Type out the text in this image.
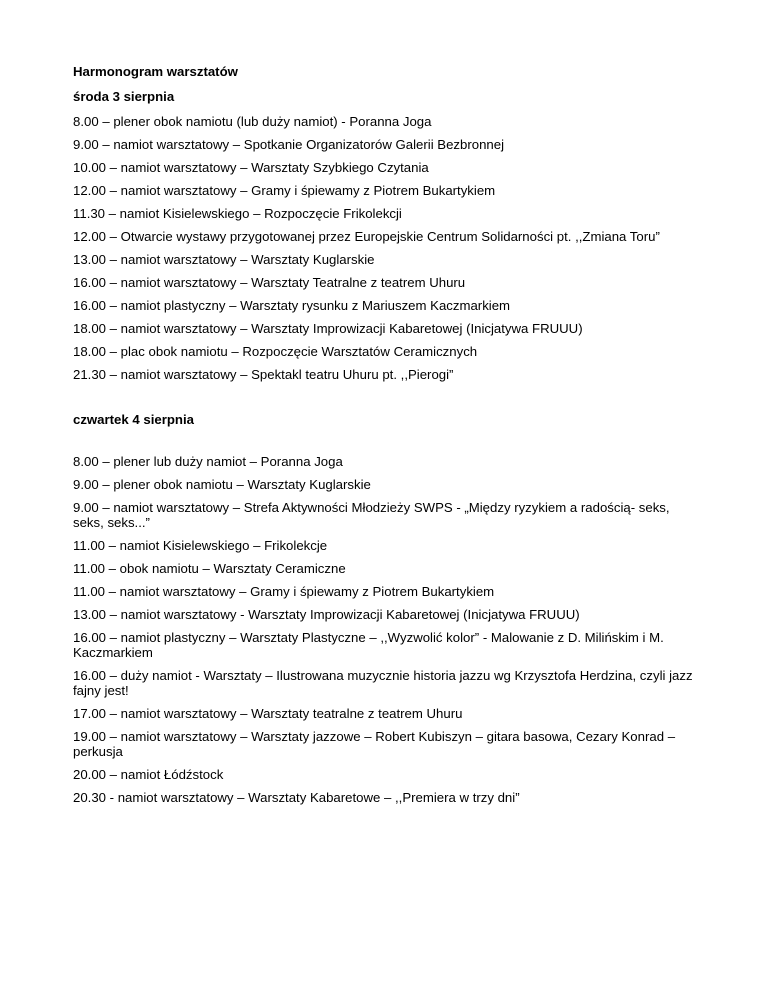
Harmonogram warsztatów

środa 3 sierpnia

8.00 – plener obok namiotu (lub duży namiot) - Poranna Joga

9.00 – namiot warsztatowy – Spotkanie Organizatorów Galerii Bezbronnej

10.00 – namiot warsztatowy – Warsztaty Szybkiego Czytania

12.00 – namiot warsztatowy – Gramy i śpiewamy z Piotrem Bukartykiem

11.30 – namiot Kisielewskiego – Rozpoczęcie Frikolekcji

12.00 – Otwarcie wystawy przygotowanej przez Europejskie Centrum Solidarności pt. ,,Zmiana Toru”

13.00 – namiot warsztatowy – Warsztaty Kuglarskie

16.00 – namiot warsztatowy – Warsztaty Teatralne z teatrem Uhuru

16.00 – namiot plastyczny – Warsztaty rysunku z Mariuszem Kaczmarkiem

18.00 – namiot warsztatowy – Warsztaty Improwizacji Kabaretowej (Inicjatywa FRUUU)

18.00 – plac obok namiotu – Rozpoczęcie Warsztatów Ceramicznych

21.30 – namiot warsztatowy – Spektakl teatru Uhuru pt. ,,Pierogi”

czwartek 4 sierpnia

8.00 – plener lub duży namiot – Poranna Joga

9.00 – plener obok namiotu – Warsztaty Kuglarskie

9.00 – namiot warsztatowy – Strefa Aktywności Młodzieży SWPS - „Między ryzykiem a radością- seks, seks, seks...”

11.00 – namiot Kisielewskiego – Frikolekcje

11.00 – obok namiotu – Warsztaty Ceramiczne

11.00 – namiot warsztatowy – Gramy i śpiewamy z Piotrem Bukartykiem

13.00 – namiot warsztatowy - Warsztaty Improwizacji Kabaretowej (Inicjatywa FRUUU)

16.00 – namiot plastyczny – Warsztaty Plastyczne – ,,Wyzwolić kolor” - Malowanie z D. Milińskim i M. Kaczmarkiem

16.00 – duży namiot - Warsztaty – Ilustrowana muzycznie historia jazzu wg Krzysztofa Herdzina, czyli jazz fajny jest!

17.00 – namiot warsztatowy – Warsztaty teatralne z teatrem Uhuru

19.00 – namiot warsztatowy – Warsztaty jazzowe – Robert Kubiszyn – gitara basowa, Cezary Konrad – perkusja

20.00 – namiot Łódźstock

20.30 - namiot warsztatowy – Warsztaty Kabaretowe – ,,Premiera w trzy dni”
